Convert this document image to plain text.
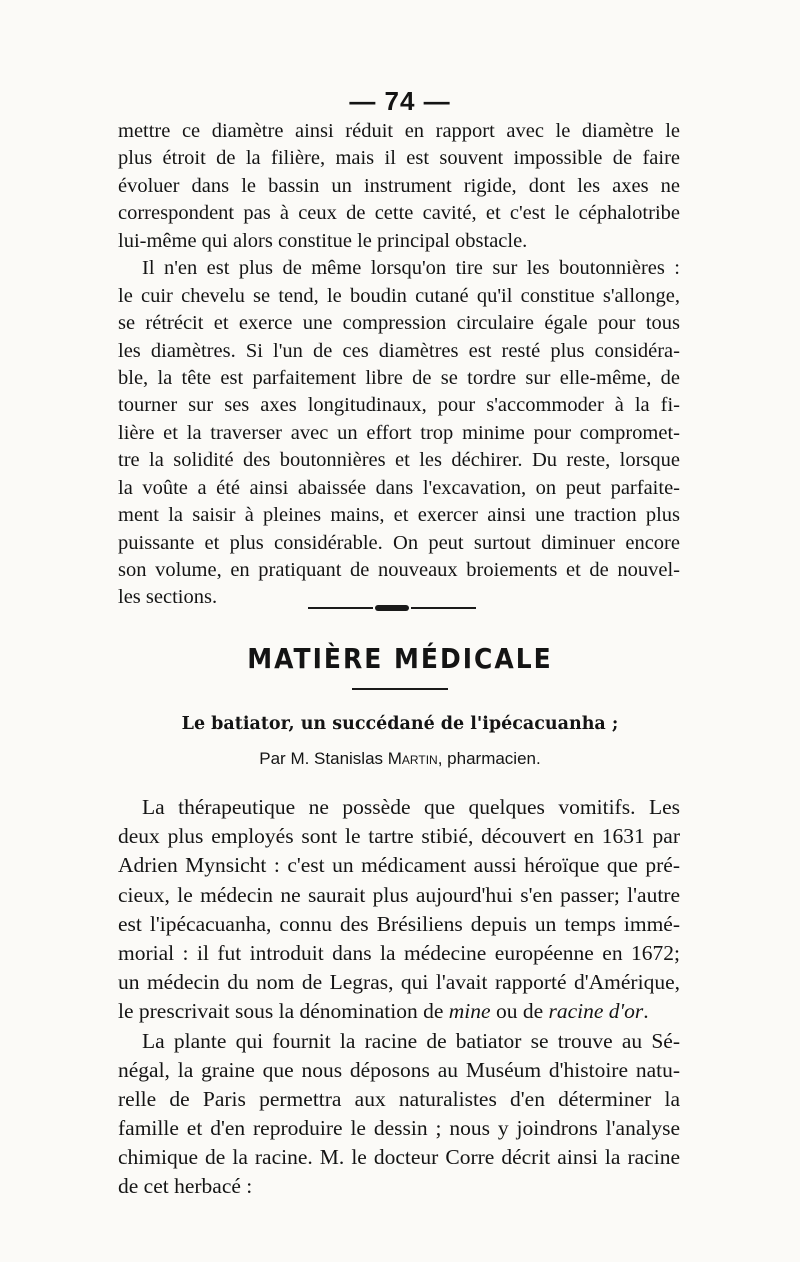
— 74 —
mettre ce diamètre ainsi réduit en rapport avec le diamètre le
plus étroit de la filière, mais il est souvent impossible de faire
évoluer dans le bassin un instrument rigide, dont les axes ne
correspondent pas à ceux de cette cavité, et c'est le céphalotribe
lui-même qui alors constitue le principal obstacle.
Il n'en est plus de même lorsqu'on tire sur les boutonnières :
le cuir chevelu se tend, le boudin cutané qu'il constitue s'allonge,
se rétrécit et exerce une compression circulaire égale pour tous
les diamètres. Si l'un de ces diamètres est resté plus considéra-
ble, la tête est parfaitement libre de se tordre sur elle-même, de
tourner sur ses axes longitudinaux, pour s'accommoder à la fi-
lière et la traverser avec un effort trop minime pour compromet-
tre la solidité des boutonnières et les déchirer. Du reste, lorsque
la voûte a été ainsi abaissée dans l'excavation, on peut parfaite-
ment la saisir à pleines mains, et exercer ainsi une traction plus
puissante et plus considérable. On peut surtout diminuer encore
son volume, en pratiquant de nouveaux broiements et de nouvel-
les sections.
MATIÈRE MÉDICALE
Le batiator, un succédané de l'ipécacuanha ;
Par M. Stanislas Martin, pharmacien.
La thérapeutique ne possède que quelques vomitifs. Les
deux plus employés sont le tartre stibié, découvert en 1631 par
Adrien Mynsicht : c'est un médicament aussi héroïque que pré-
cieux, le médecin ne saurait plus aujourd'hui s'en passer; l'autre
est l'ipécacuanha, connu des Brésiliens depuis un temps immé-
morial : il fut introduit dans la médecine européenne en 1672;
un médecin du nom de Legras, qui l'avait rapporté d'Amérique,
le prescrivait sous la dénomination de mine ou de racine d'or.
La plante qui fournit la racine de batiator se trouve au Sé-
négal, la graine que nous déposons au Muséum d'histoire natu-
relle de Paris permettra aux naturalistes d'en déterminer la
famille et d'en reproduire le dessin ; nous y joindrons l'analyse
chimique de la racine. M. le docteur Corre décrit ainsi la racine
de cet herbacé :
